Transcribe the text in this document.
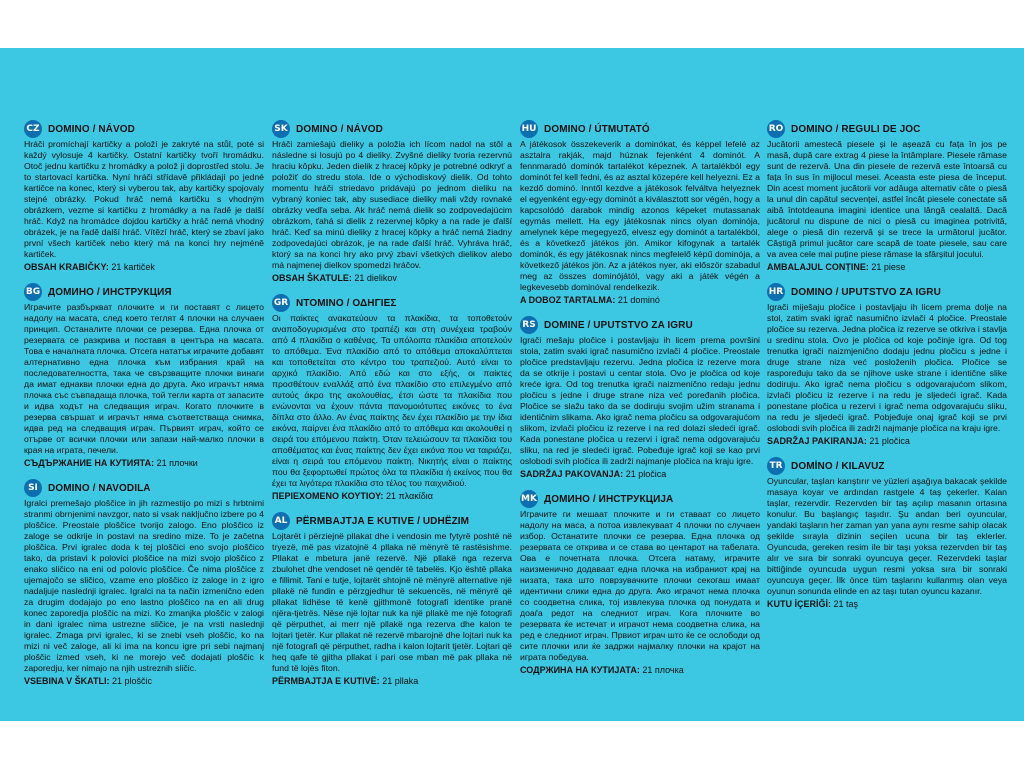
CZ DOMINO / NÁVOD
Hráči promíchají kartičky a položí je zakryté na stůl, poté si každý vylosuje 4 kartičky. Ostatní kartičky tvoří hromádku. Otoč jednu kartičku z hromádky a polož ji doprostřed stolu. Je to startovací kartička. Nyní hráči střídavě přikládají po jedné kartičce na konec, který si vyberou tak, aby kartičky spojovaly stejné obrázky. Pokud hráč nemá kartičku s vhodným obrázkem, vezme si kartičku z hromádky a na řadě je další hráč. Když na hromádce dojdou kartičky a hráč nemá vhodný obrázek, je na řadě další hráč. Vítězí hráč, který se zbaví jako první všech kartiček nebo který má na konci hry nejméně kartiček.
OBSAH KRABIČKY: 21 kartiček
BG ДОМИНО / ИНСТРУКЦИЯ
Играчите разбъркват плочките и ги поставят с лицето надолу на масата, след което теглят 4 плочки на случаен принцип. Останалите плочки се резерва. Една плочка от резервата се разкрива и поставя в центъра на масата. Това е началната плочка. Отсега нататък играчите добавят алтернативно една плочка към избрания край на последователността, така че свързващите плочки винаги да имат еднакви плочки една до друга. Ако играчът няма плочка със съвпадаща плочка, той тегли карта от запасите и идва ходът на следващия играч. Когато плочките в резерва свършат и играчът няма съответстваща снимка, идва ред на следващия играч. Първият играч, който се отърве от всички плочки или запази най-малко плочки в края на играта, печели.
СЪДЪРЖАНИЕ НА КУТИЯТА: 21 плочки
SI	DOMINO / NAVODILA
Igralci premešajo ploščice in jih razmestijo po mizi s hrbtnimi stranmi obrnjenimi navzgor, nato si vsak naključno izbere po 4 ploščice. Preostale ploščice tvorijo zalogo. Eno ploščico iz zaloge se odkrije in postavi na sredino mize. To je začetna ploščica. Prvi igralec doda k tej ploščici eno svojo ploščico tako, da pristavi k polovici ploščice na mizi svojo ploščico z enako sličico na eni od polovic ploščice. Če nima ploščice z ujemajočo se sličico, vzame eno ploščico iz zaloge in z igro nadaljuje naslednji igralec. Igralci na ta način izmenično eden za drugim dodajajo po eno lastno ploščico na en ali drug konec zaporedja ploščic na mizi. Ko zmanjka ploščic v zalogi in dani igralec nima ustrezne sličice, je na vrsti naslednji igralec. Zmaga prvi igralec, ki se znebi vseh ploščic, ko na mizi ni več zaloge, ali ki ima na koncu igre pri sebi najmanj ploščic izmed vseh, ki ne morejo več dodajati ploščic k zaporedju, ker nimajo na njih ustreznih sličic.
VSEBINA V ŠKATLI: 21 ploščic
SK DOMINO / NÁVOD
Hráči zamiešajú dieliky a položia ich lícom nadol na stôl a následne si losujú po 4 dieliky. Zvyšné dieliky tvoria rezervnú hraciu kôpku. Jeden dielik z hracej kôpky je potrebné odkryť a položiť do stredu stola. Ide o východiskový dielik. Od tohto momentu hráči striedavo pridávajú po jednom dieliku na vybraný koniec tak, aby susediace dieliky mali vždy rovnaké obrázky vedľa seba. Ak hráč nemá dielik so zodpovedajúcim obrázkom, ťahá si dielik z rezervnej kôpky a na rade je ďalší hráč. Keď sa minú dieliky z hracej kôpky a hráč nemá žiadny zodpovedajúci obrázok, je na rade ďalší hráč. Vyhráva hráč, ktorý sa na konci hry ako prvý zbaví všetkých dielikov alebo má najmenej dielkov spomedzi hráčov.
OBSAH ŠKATULE: 21 dielikov
GR ΝΤΟΜΙΝΟ / ΟΔΗΓΙΕΣ
Οι παίκτες ανακατεύουν τα πλακίδια, τα τοποθετούν αναποδογυρισμένα στο τραπέζι και στη συνέχεια τραβούν από 4 πλακίδια ο καθένας. Τα υπόλοιπα πλακίδια αποτελούν το απόθεμα. Ένα πλακίδιο από το απόθεμα αποκαλύπτεται και τοποθετείται στο κέντρο του τραπεζιού. Αυτό είναι το αρχικό πλακίδιο. Από εδώ και στο εξής, οι παίκτες προσθέτουν εναλλάξ από ένα πλακίδιο στο επιλεγμένο από αυτούς άκρο της ακολουθίας, έτσι ώστε τα πλακίδια που ενώνονται να έχουν πάντα πανομοιότυπες εικόνες το ένα δίπλα στο άλλο. Αν ένας παίκτης δεν έχει πλακίδιο με την ίδια εικόνα, παίρνει ένα πλακίδιο από το απόθεμα και ακολουθεί η σειρά του επόμενου παίκτη. Όταν τελειώσουν τα πλακίδια του αποθέματος και ένας παίκτης δεν έχει εικόνα που να ταιριάζει, είναι η σειρά του επόμενου παίκτη. Νικητής είναι ο παίκτης που θα ξεφορτωθεί πρώτος όλα τα πλακίδια ή εκείνος που θα έχει τα λιγότερα πλακίδια στο τέλος του παιχνιδιού.
ΠΕΡΙΕΧΟΜΕΝΟ ΚΟΥΤΙΟΥ: 21 πλακίδια
AL PËRMBAJTJA E KUTIVE / UDHËZIM
Lojtarët i përziejnë pllakat dhe i vendosin me fytyrë poshtë në tryezë, më pas vizatojnë 4 pllaka në mënyrë të rastësishme. Pllakat e mbetura janë rezervë. Një pllakë nga rezerva zbulohet dhe vendoset në qendër të tabelës. Kjo është pllaka e fillimit. Tani e tutje, lojtarët shtojnë në mënyrë alternative një pllakë në fundin e përzgjedhur të sekuencës, në mënyrë që pllakat lidhëse të kenë gjithmonë fotografi identike pranë njëra-tjetrës. Nëse një lojtar nuk ka një pllakë me një fotografi që përputhet, ai merr një pllakë nga rezerva dhe kalon te lojtari tjetër. Kur pllakat në rezervë mbarojnë dhe lojtari nuk ka një fotografi që përputhet, radha i kalon lojtarit tjetër. Lojtari që heq qafe të gjitha pllakat i pari ose mban më pak pllaka në fund të lojës fiton.
PËRMBAJTJA E KUTIVË: 21 pllaka
HU DOMINO / ÚTMUTATÓ
A játékosok összekeverik a dominókat, és képpel lefelé az asztalra rakják, majd húznak fejenként 4 dominót. A fennmaradó dominók tartalékot képeznek. A tartalékból egy dominót fel kell fedni, és az asztal közepére kell helyezni. Ez a kezdő dominó. Inntől kezdve a játékosok felváltva helyeznek el egyenként egy-egy dominót a kiválasztott sor végén, hogy a kapcsolódó darabok mindig azonos képeket mutassanak egymás mellett. Ha egy játékosnak nincs olyan dominója, amelynek képe megegyező, elvesz egy dominót a tartalékból, és a következő játékos jön. Amikor kifogynak a tartalék dominók, és egy játékosnak nincs megfelelő képű dominója, a következő játékos jön. Az a játékos nyer, aki először szabadul meg az összes dominójától, vagy aki a játék végén a legkevesebb dominóval rendelkezik.
A DOBOZ TARTALMA: 21 dominó
RS DOMINE / UPUTSTVO ZA IGRU
Igrači mešaju pločice i postavljaju ih licem prema površini stola, zatim svaki igrač nasumično izvlači 4 pločice. Preostale pločice predstavljaju rezervu. Jedna pločica iz rezerve mora da se otkrije i postavi u centar stola. Ovo je pločica od koje kreće igra. Od tog trenutka igrači naizmenično redaju jednu pločicu s jedne i druge strane niza već poređanih pločica. Pločice se slažu tako da se dodiruju svojim užim stranama i identičnim slikama. Ako igrač nema pločicu sa odgovarajućom slikom, izvlači pločicu iz rezerve i na red dolazi sledeći igrač. Kada ponestane pločica u rezervi i igrač nema odgovarajuću sliku, na red je sledeći igrač. Pobeđuje igrač koji se kao prvi oslobodi svih pločica ili zadrži najmanje pločica na kraju igre.
SADRŽAJ PAKOVANJA: 21 pločica
MK ДОМИНО / ИНСТРУКЦИЈА
Играчите ги мешаат плочките и ги ставаат со лицето надолу на маса, а потоа извлекуваат 4 плочки по случаен избор. Останатите плочки се резерва. Една плочка од резервата се открива и се става во центарот на табелата. Ова е почетната плочка. Отсега натаму, играчите наизменично додаваат една плочка на избраниот крај на низата, така што поврзувачките плочки секогаш имаат идентични слики една до друга. Ако играчот нема плочка со соодветна слика, тој извлекува плочка од понудата и доаѓа редот на следниот играч. Кога плочките во резервата ќе истечат и играчот нема соодветна слика, на ред е следниот играч. Првиот играч што ќе се ослободи од сите плочки или ќе задржи најмалку плочки на крајот на играта победува.
СОДРЖИНА НА КУТИЈАТА: 21 плочка
RO DOMINO / REGULI DE JOC
Jucătorii amestecă piesele și le așează cu fața în jos pe masă, după care extrag 4 piese la întâmplare. Piesele rămase sunt de rezervă. Una din piesele de rezervă este întoarsă cu fața în sus în mijlocul mesei. Aceasta este piesa de început. Din acest moment jucătorii vor adăuga alternativ câte o piesă la unul din capătul secvenței, astfel încât piesele conectate să aibă întotdeauna imagini identice una lângă cealaltă. Dacă jucătorul nu dispune de nici o piesă cu imaginea potrivită, alege o piesă din rezervă și se trece la următorul jucător. Câștigă primul jucător care scapă de toate piesele, sau care va avea cele mai puține piese rămase la sfârșitul jocului.
AMBALAJUL CONȚINE: 21 piese
HR DOMINO / UPUTSTVO ZA IGRU
Igrači miješaju pločice i postavljaju ih licem prema dolje na stol, zatim svaki igrač nasumično izvlači 4 pločice. Preostale pločice su rezerva. Jedna pločica iz rezerve se otkriva i stavlja u sredinu stola. Ovo je pločica od koje počinje igra. Od tog trenutka igrači naizmjenično dodaju jednu pločicu s jedne i druge strane niza već posloženih pločica. Pločice se raspoređuju tako da se njihove uske strane i identične slike dodiruju. Ako igrač nema pločicu s odgovarajućom slikom, izvlači pločicu iz rezerve i na redu je sljedeći igrač. Kada ponestane pločica u rezervi i igrač nema odgovarajuću sliku, na redu je sljedeći igrač. Pobjeđuje onaj igrač koji se prvi oslobodi svih pločica ili zadrži najmanje pločica na kraju igre.
SADRŽAJ PAKIRANJA: 21 pločica
TR DOMİNO / KILAVUZ
Oyuncular, taşları karıştırır ve yüzleri aşağıya bakacak şekilde masaya koyar ve ardından rastgele 4 taş çekerler. Kalan taşlar, rezervdir. Rezervden bir taş açılıp masanın ortasına konulur. Bu başlangıç taşıdır. Şu andan beri oyuncular, yandaki taşların her zaman yan yana aynı resme sahip olacak şekilde sırayla dizinin seçilen ucuna bir taş eklerler. Oyuncuda, gereken resim ile bir taşı yoksa rezervden bir taş alır ve sıra bir sonraki oyuncuya geçer. Rezervdeki taşlar bittiğinde oyuncuda uygun resmi yoksa sıra bir sonraki oyuncuya geçer. İlk önce tüm taşlarını kullanmış olan veya oyunun sonunda elinde en az taşı tutan oyuncu kazanır.
KUTU İÇERİĞİ: 21 taş
